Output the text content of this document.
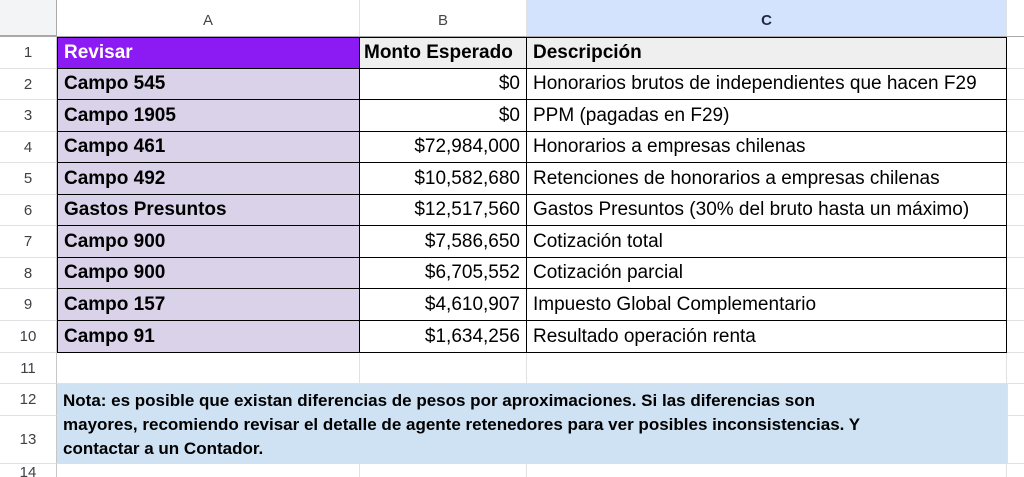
A	B	C
1	Revisar	Monto Esperado	Descripción
2	Campo 545	$0 Honorarios brutos de independientes que hacen F29
3	Campo 1905	$0 PPM (pagadas en F29)
4	Campo 461	$72,984,000 Honorarios a empresas chilenas
5	Campo 492	$10,582,680 Retenciones de honorarios a empresas chilenas
6	Gastos Presuntos	$12,517,560 Gastos Presuntos (30% del bruto hasta un máximo)
7	Campo 900	$7,586,650 Cotización total
8	Campo 900	$6,705,552 Cotización parcial
9	Campo 157	$4,610,907 Impuesto Global Complementario
10	Campo 91	$1,634,256 Resultado operación renta
11
12
13
Nota: es posible que existan diferencias de pesos por aproximaciones. Si las diferencias son
mayores, recomiendo revisar el detalle de agente retenedores para ver posibles inconsistencias. Y
contactar a un Contador.
14
